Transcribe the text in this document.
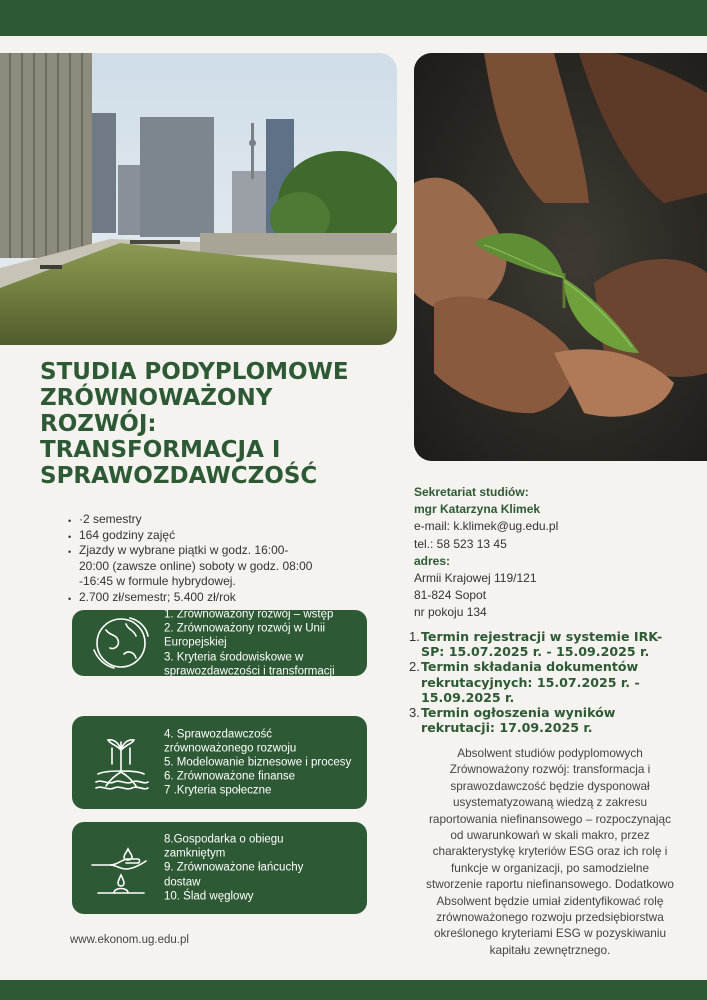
STUDIA PODYPLOMOWE
ZRÓWNOWAŻONY
ROZWÓJ:
TRANSFORMACJA I
SPRAWOZDAWCZOŚĆ
• ·2 semestry
• 164 godziny zajęć
• Zjazdy w wybrane piątki w godz. 16:00-
20:00 (zawsze online) soboty w godz. 08:00
-16:45 w formule hybrydowej.
• 2.700 zł/semestr; 5.400 zł/rok
1. Zrównoważony rozwój – wstęp
2. Zrównoważony rozwój w Unii
Europejskiej
3. Kryteria środowiskowe w
sprawozdawczości i transformacji
4. Sprawozdawczość
zrównoważonego rozwoju
5. Modelowanie biznesowe i procesy
6. Zrównoważone finanse
7 .Kryteria społeczne
8.Gospodarka o obiegu
zamkniętym
9. Zrównoważone łańcuchy
dostaw
10. Ślad węglowy
www.ekonom.ug.edu.pl
Sekretariat studiów:
mgr Katarzyna Klimek
e-mail: k.klimek@ug.edu.pl
tel.: 58 523 13 45
adres:
Armii Krajowej 119/121
81-824 Sopot
nr pokoju 134
1. Termin rejestracji w systemie IRK-
SP: 15.07.2025 r. - 15.09.2025 r.
2. Termin składania dokumentów
rekrutacyjnych: 15.07.2025 r. -
15.09.2025 r.
3. Termin ogłoszenia wyników
rekrutacji: 17.09.2025 r.
Absolwent studiów podyplomowych
Zrównoważony rozwój: transformacja i
sprawozdawczość będzie dysponował
usystematyzowaną wiedzą z zakresu
raportowania niefinansowego – rozpoczynając
od uwarunkowań w skali makro, przez
charakterystykę kryteriów ESG oraz ich rolę i
funkcje w organizacji, po samodzielne
stworzenie raportu niefinansowego. Dodatkowo
Absolwent będzie umiał zidentyfikować rolę
zrównoważonego rozwoju przedsiębiorstwa
określonego kryteriami ESG w pozyskiwaniu
kapitału zewnętrznego.
